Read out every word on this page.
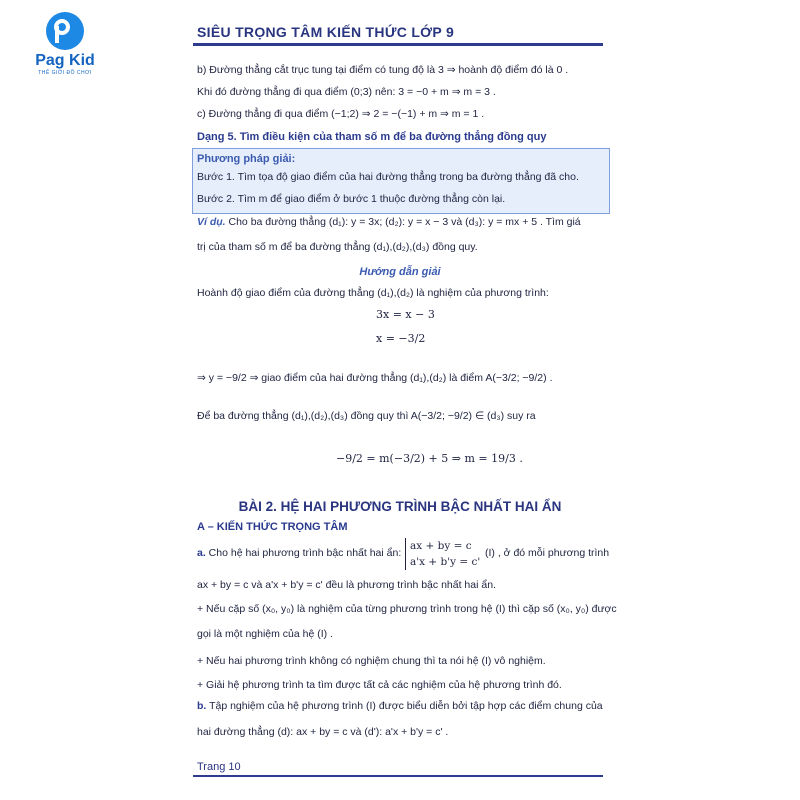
Pag Kid
THẾ GIỚI ĐỒ CHƠI
SIÊU TRỌNG TÂM KIẾN THỨC LỚP 9
b) Đường thẳng cắt trục tung tại điểm có tung độ là 3 ⇒ hoành độ điểm đó là 0 .
Khi đó đường thẳng đi qua điểm (0;3) nên: 3 = −0 + m ⇒ m = 3 .
c) Đường thẳng đi qua điểm (−1;2) ⇒ 2 = −(−1) + m ⇒ m = 1 .
Dạng 5. Tìm điều kiện của tham số m để ba đường thẳng đồng quy
Phương pháp giải:
Bước 1. Tìm tọa độ giao điểm của hai đường thẳng trong ba đường thẳng đã cho.
Bước 2. Tìm m để giao điểm ở bước 1 thuộc đường thẳng còn lại.
Ví dụ. Cho ba đường thẳng (d₁): y = 3x; (d₂): y = x − 3 và (d₃): y = mx + 5 . Tìm giá
trị của tham số m để ba đường thẳng (d₁),(d₂),(d₃) đồng quy.
Hướng dẫn giải
Hoành độ giao điểm của đường thẳng (d₁),(d₂) là nghiệm của phương trình:
3x = x − 3
x = −3/2
⇒ y = −9/2 ⇒ giao điểm của hai đường thẳng (d₁),(d₂) là điểm A(−3/2; −9/2) .
Để ba đường thẳng (d₁),(d₂),(d₃) đồng quy thì A(−3/2; −9/2) ∈ (d₃) suy ra
−9/2 = m(−3/2) + 5 ⇒ m = 19/3 .
BÀI 2. HỆ HAI PHƯƠNG TRÌNH BẬC NHẤT HAI ẨN
A – KIẾN THỨC TRỌNG TÂM
a. Cho hệ hai phương trình bậc nhất hai ẩn:
ax + by = c
a'x + b'y = c'
(I) , ở đó mỗi phương trình
ax + by = c và a'x + b'y = c' đều là phương trình bậc nhất hai ẩn.
+ Nếu cặp số (x₀, y₀) là nghiệm của từng phương trình trong hệ (I) thì cặp số (x₀, y₀) được
gọi là một nghiệm của hệ (I) .
+ Nếu hai phương trình không có nghiệm chung thì ta nói hệ (I) vô nghiệm.
+ Giải hệ phương trình ta tìm được tất cả các nghiệm của hệ phương trình đó.
b. Tập nghiệm của hệ phương trình (I) được biểu diễn bởi tập hợp các điểm chung của
hai đường thẳng (d): ax + by = c và (d'): a'x + b'y = c' .
Trang 10
